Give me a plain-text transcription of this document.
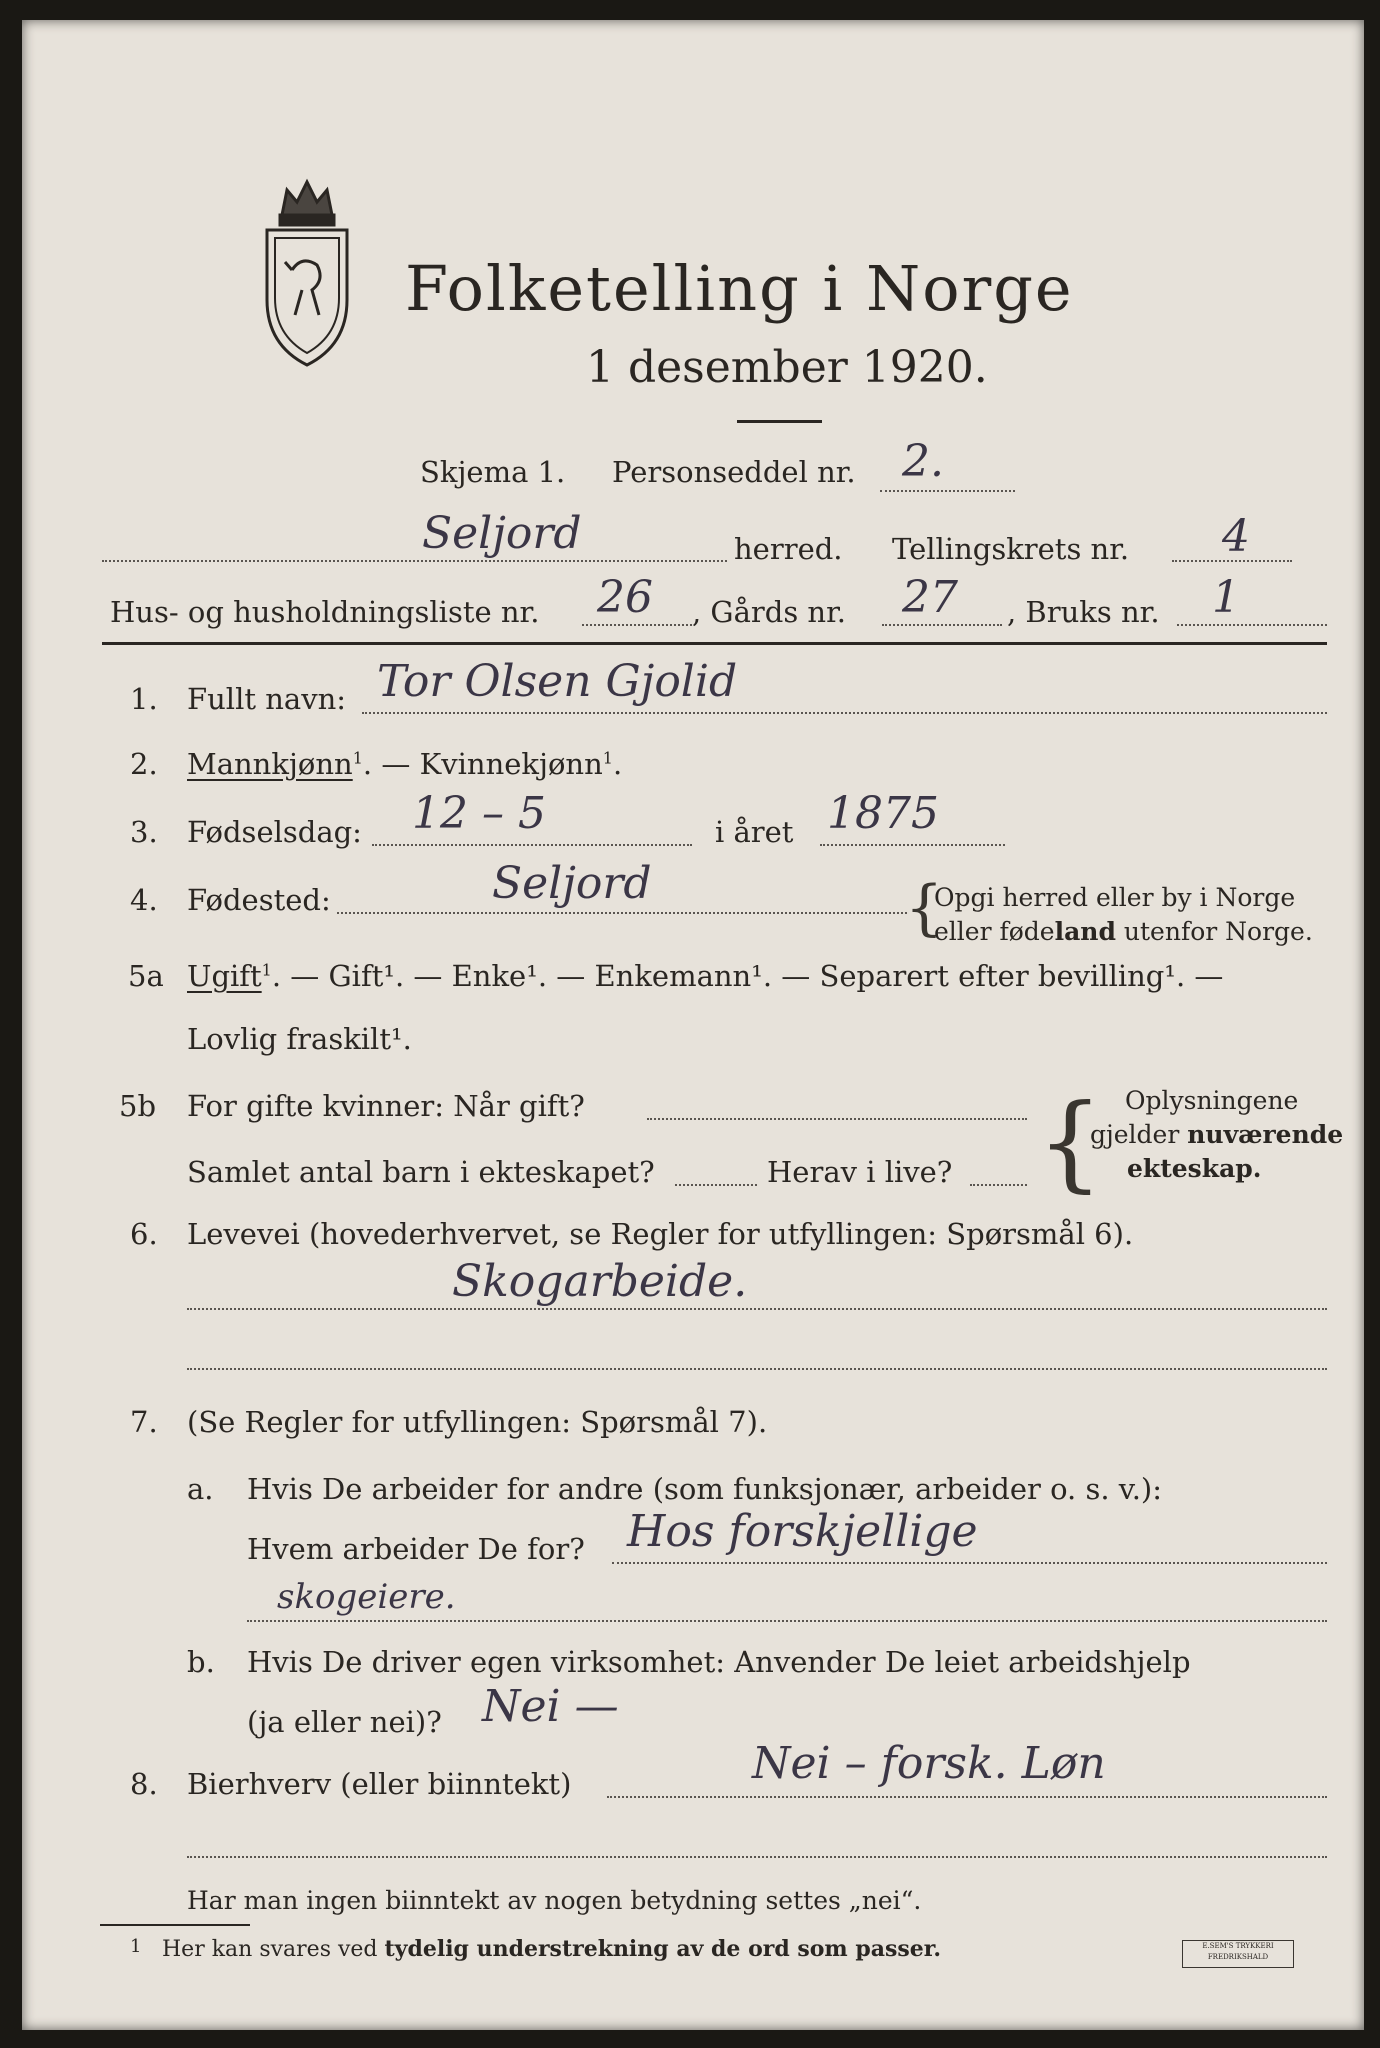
Folketelling i Norge
1 desember 1920.
Skjema 1. Personseddel nr. 2.
Seljord	herred. Tellingskrets nr. 4
Hus- og husholdningsliste nr. 26 , Gårds nr. 27 , Bruks nr. 1
1. Fullt navn: Tor Olsen Gjolid
2. Mannkjønn$^1$. — Kvinnekjønn$^1$.
3. Fødselsdag: 12 – 5	i året 1875
4. Fødested:	Seljord	{
Opgi herred eller by i Norge
eller fødeland utenfor Norge.
5a Ugift$^1$. — Gift¹. — Enke¹. — Enkemann¹. — Separert efter bevilling¹. —
Lovlig fraskilt¹.
5b For gifte kvinner: Når gift?
Samlet antal barn i ekteskapet?	Herav i live? { Oplysningene
gjelder nuværende
ekteskap.
6. Levevei (hovederhvervet, se Regler for utfyllingen: Spørsmål 6).
Skogarbeide.
7. (Se Regler for utfyllingen: Spørsmål 7).
a. Hvis De arbeider for andre (som funksjonær, arbeider o. s. v.):
Hvem arbeider De for? Hos forskjellige
skogeiere.
b. Hvis De driver egen virksomhet: Anvender De leiet arbeidshjelp
(ja eller nei)? Nei —
8. Bierhverv (eller biinntekt)	Nei – forsk. Løn
Har man ingen biinntekt av nogen betydning settes „nei“.
1 Her kan svares ved tydelig understrekning av de ord som passer.	E.SEM'S TRYKKERI
FREDRIKSHALD
